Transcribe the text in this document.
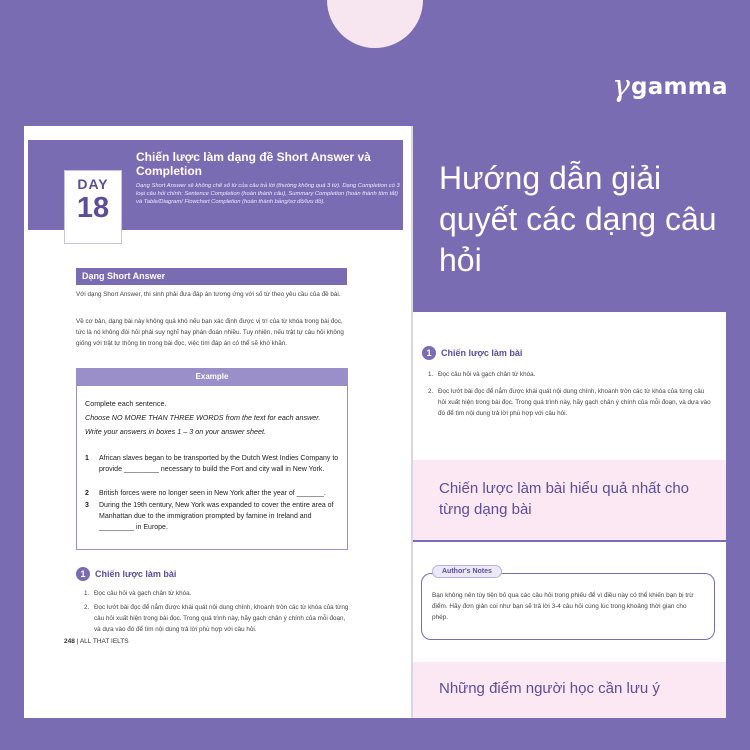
γ gamma
Chiến lược làm dạng đề Short Answer và Completion
Dạng Short Answer sẽ không chế số từ của câu trả lời (thường không quá 3 từ). Dạng Completion có 3 loại câu hỏi chính: Sentence Completion (hoàn thành câu), Summary Completion (hoàn thành tóm tắt) và Table/Diagram/ Flowchart Completion (hoàn thành bảng/sơ đồ/lưu đồ).
DAY
18
Dạng Short Answer
Với dạng Short Answer, thí sinh phải đưa đáp án tương ứng với số từ theo yêu cầu của đề bài.
Về cơ bản, dạng bài này không quá khó nếu bạn xác định được vị trí của từ khóa trong bài đọc, tức là nó không đòi hỏi phải suy nghĩ hay phán đoán nhiều. Tuy nhiên, nếu trật tự câu hỏi không giống với trật tự thông tin trong bài đọc, việc tìm đáp án có thể sẽ khó khăn.
Example
Complete each sentence.
Choose NO MORE THAN THREE WORDS from the text for each answer.
Write your answers in boxes 1 – 3 on your answer sheet.
1	African slaves began to be transported by the Dutch West Indies Company to provide _________ necessary to build the Fort and city wall in New York.
2	British forces were no longer seen in New York after the year of _______.
3	During the 19th century, New York was expanded to cover the entire area of Manhattan due to the immigration prompted by famine in Ireland and _________ in Europe.
1	Chiến lược làm bài
1. Đọc câu hỏi và gạch chân từ khóa.
2. Đọc lướt bài đọc để nắm được khái quát nội dung chính, khoanh tròn các từ khóa của từng câu hỏi xuất hiện trong bài đọc. Trong quá trình này, hãy gạch chân ý chính của mỗi đoạn, và dựa vào đó để tìm nội dung trả lời phù hợp với câu hỏi.
248 | ALL THAT IELTS
Hướng dẫn giải quyết các dạng câu hỏi
1	Chiến lược làm bài
1. Đọc câu hỏi và gạch chân từ khóa.
2. Đọc lướt bài đọc để nắm được khái quát nội dung chính, khoanh tròn các từ khóa của từng câu hỏi xuất hiện trong bài đọc. Trong quá trình này, hãy gạch chân ý chính của mỗi đoạn, và dựa vào đó để tìm nội dung trả lời phù hợp với câu hỏi.
Chiến lược làm bài hiểu quả nhất cho từng dạng bài
Bạn không nên tùy tiện bỏ qua các câu hỏi trong phiếu để vì điều này có thể khiến bạn bị trừ điểm. Hãy đơn giản coi như bạn sẽ trả lời 3-4 câu hỏi cùng lúc trong khoảng thời gian cho phép.
Author's Notes
Những điểm người học cần lưu ý
